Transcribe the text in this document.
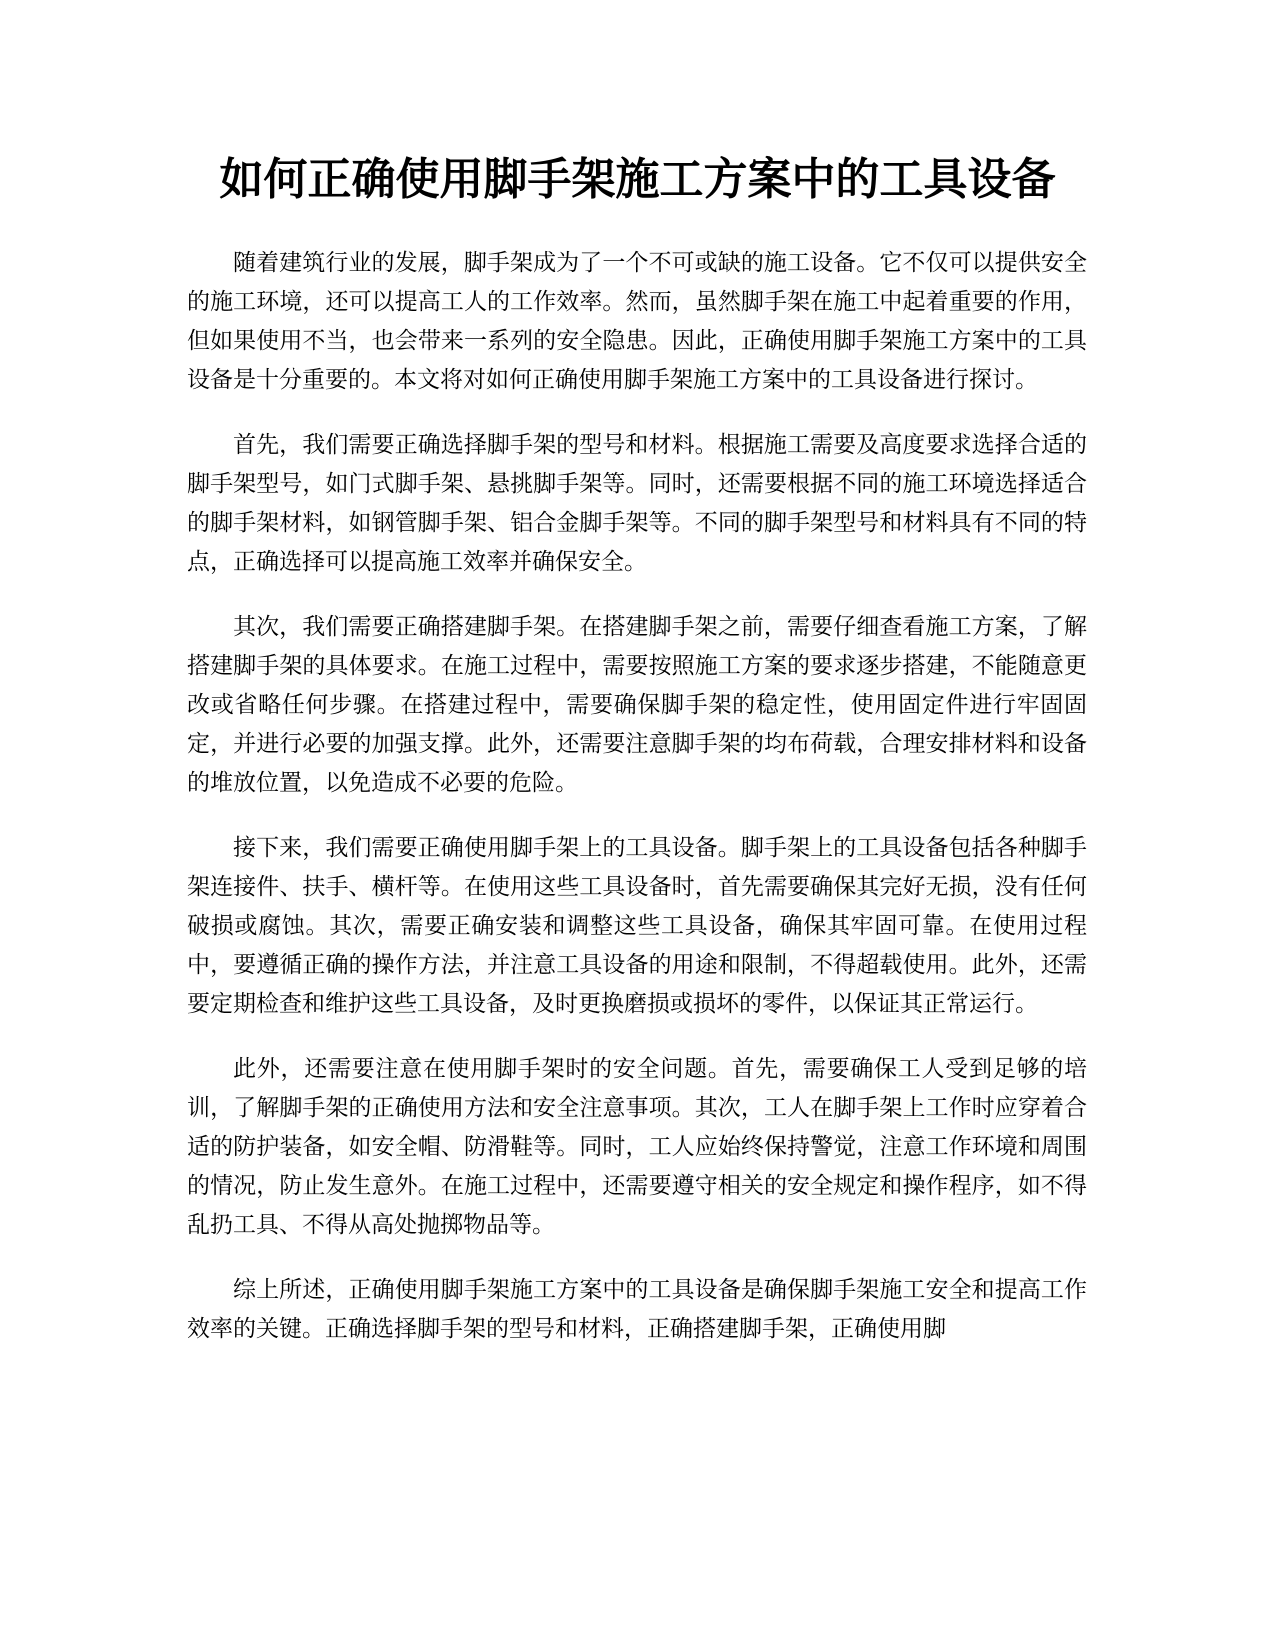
如何正确使用脚手架施工方案中的工具设备

随着建筑行业的发展，脚手架成为了一个不可或缺的施工设备。它不仅可以提供安全的施工环境，还可以提高工人的工作效率。然而，虽然脚手架在施工中起着重要的作用，但如果使用不当，也会带来一系列的安全隐患。因此，正确使用脚手架施工方案中的工具设备是十分重要的。本文将对如何正确使用脚手架施工方案中的工具设备进行探讨。

首先，我们需要正确选择脚手架的型号和材料。根据施工需要及高度要求选择合适的脚手架型号，如门式脚手架、悬挑脚手架等。同时，还需要根据不同的施工环境选择适合的脚手架材料，如钢管脚手架、铝合金脚手架等。不同的脚手架型号和材料具有不同的特点，正确选择可以提高施工效率并确保安全。

其次，我们需要正确搭建脚手架。在搭建脚手架之前，需要仔细查看施工方案，了解搭建脚手架的具体要求。在施工过程中，需要按照施工方案的要求逐步搭建，不能随意更改或省略任何步骤。在搭建过程中，需要确保脚手架的稳定性，使用固定件进行牢固固定，并进行必要的加强支撑。此外，还需要注意脚手架的均布荷载，合理安排材料和设备的堆放位置，以免造成不必要的危险。

接下来，我们需要正确使用脚手架上的工具设备。脚手架上的工具设备包括各种脚手架连接件、扶手、横杆等。在使用这些工具设备时，首先需要确保其完好无损，没有任何破损或腐蚀。其次，需要正确安装和调整这些工具设备，确保其牢固可靠。在使用过程中，要遵循正确的操作方法，并注意工具设备的用途和限制，不得超载使用。此外，还需要定期检查和维护这些工具设备，及时更换磨损或损坏的零件，以保证其正常运行。

此外，还需要注意在使用脚手架时的安全问题。首先，需要确保工人受到足够的培训，了解脚手架的正确使用方法和安全注意事项。其次，工人在脚手架上工作时应穿着合适的防护装备，如安全帽、防滑鞋等。同时，工人应始终保持警觉，注意工作环境和周围的情况，防止发生意外。在施工过程中，还需要遵守相关的安全规定和操作程序，如不得乱扔工具、不得从高处抛掷物品等。

综上所述，正确使用脚手架施工方案中的工具设备是确保脚手架施工安全和提高工作效率的关键。正确选择脚手架的型号和材料，正确搭建脚手架，正确使用脚
